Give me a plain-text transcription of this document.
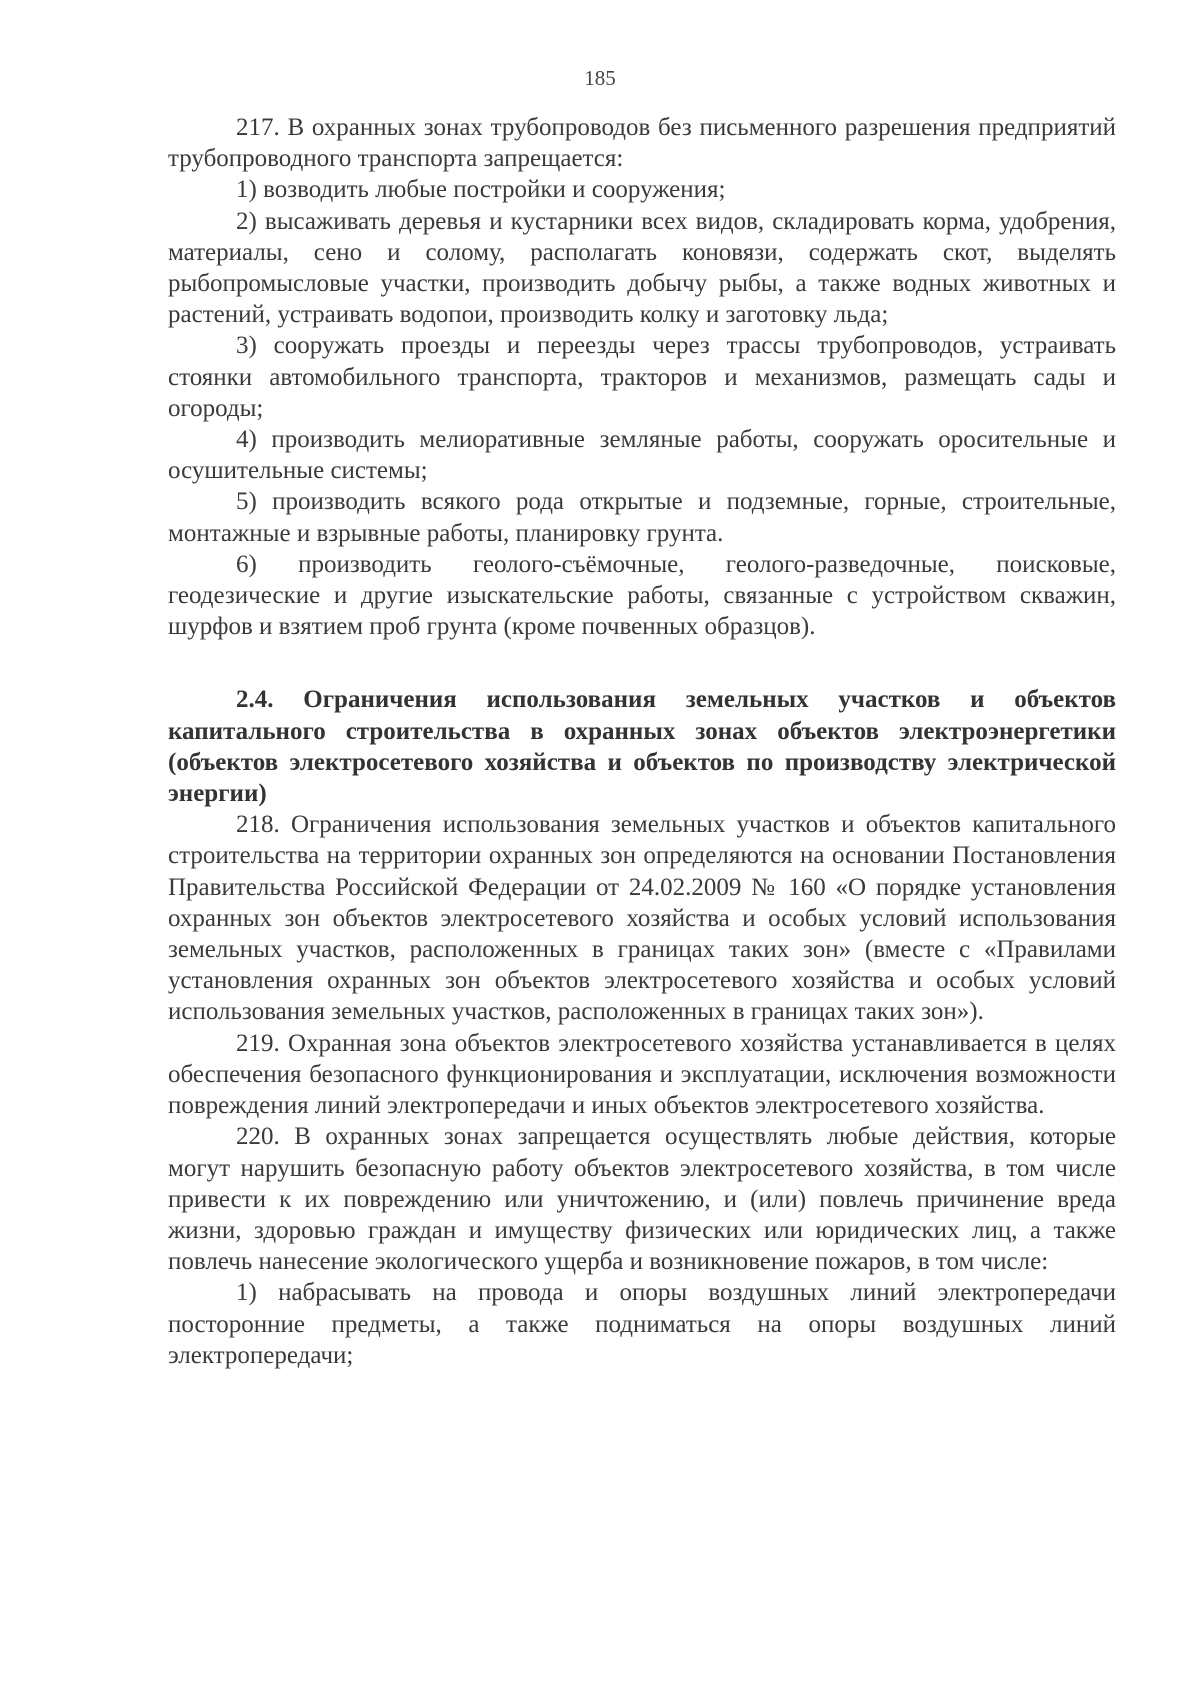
185

217. В охранных зонах трубопроводов без письменного разрешения предприятий трубопроводного транспорта запрещается:

1) возводить любые постройки и сооружения;

2) высаживать деревья и кустарники всех видов, складировать корма, удобрения, материалы, сено и солому, располагать коновязи, содержать скот, выделять рыбопромысловые участки, производить добычу рыбы, а также водных животных и растений, устраивать водопои, производить колку и заготовку льда;

3) сооружать проезды и переезды через трассы трубопроводов, устраивать стоянки автомобильного транспорта, тракторов и механизмов, размещать сады и огороды;

4) производить мелиоративные земляные работы, сооружать оросительные и осушительные системы;

5) производить всякого рода открытые и подземные, горные, строительные, монтажные и взрывные работы, планировку грунта.

6) производить геолого-съёмочные, геолого-разведочные, поисковые, геодезические и другие изыскательские работы, связанные с устройством скважин, шурфов и взятием проб грунта (кроме почвенных образцов).

2.4. Ограничения использования земельных участков и объектов капитального строительства в охранных зонах объектов электроэнергетики (объектов электросетевого хозяйства и объектов по производству электрической энергии)

218. Ограничения использования земельных участков и объектов капитального строительства на территории охранных зон определяются на основании Постановления Правительства Российской Федерации от 24.02.2009 № 160 «О порядке установления охранных зон объектов электросетевого хозяйства и особых условий использования земельных участков, расположенных в границах таких зон» (вместе с «Правилами установления охранных зон объектов электросетевого хозяйства и особых условий использования земельных участков, расположенных в границах таких зон»).

219. Охранная зона объектов электросетевого хозяйства устанавливается в целях обеспечения безопасного функционирования и эксплуатации, исключения возможности повреждения линий электропередачи и иных объектов электросетевого хозяйства.

220. В охранных зонах запрещается осуществлять любые действия, которые могут нарушить безопасную работу объектов электросетевого хозяйства, в том числе привести к их повреждению или уничтожению, и (или) повлечь причинение вреда жизни, здоровью граждан и имуществу физических или юридических лиц, а также повлечь нанесение экологического ущерба и возникновение пожаров, в том числе:

1) набрасывать на провода и опоры воздушных линий электропередачи посторонние предметы, а также подниматься на опоры воздушных линий электропередачи;
